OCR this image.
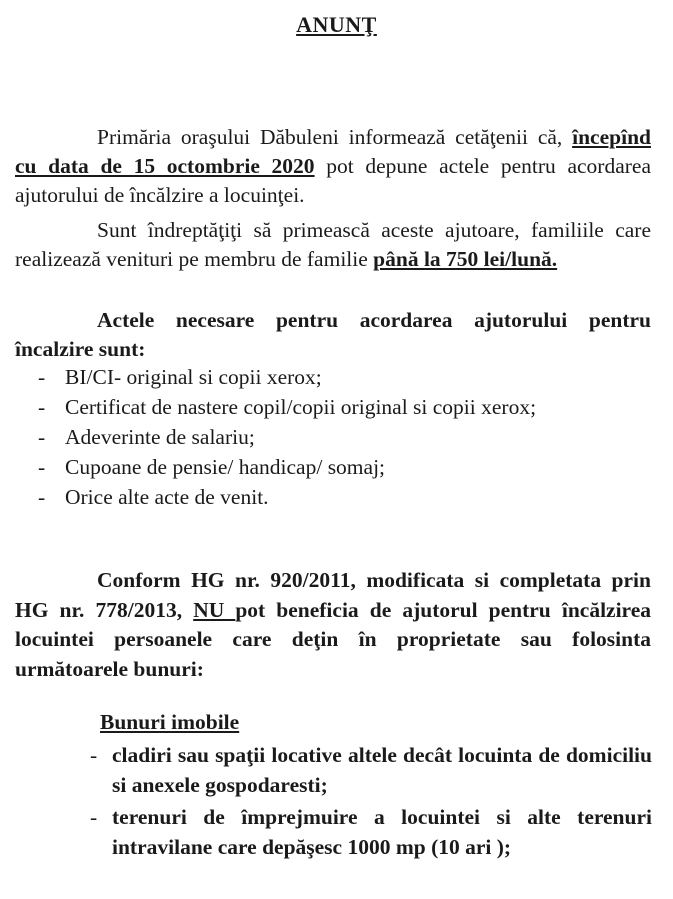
ANUNŢ
Primăria oraşului Dăbuleni informează cetăţenii că, începînd cu data de 15 octombrie 2020 pot depune actele pentru acordarea ajutorului de încălzire a locuinţei.
Sunt îndreptăţiţi să primească aceste ajutoare, familiile care realizează venituri pe membru de familie până la 750 lei/lună.
Actele necesare pentru acordarea ajutorului pentru încalzire sunt:
- BI/CI- original si copii xerox;
- Certificat de nastere copil/copii original si copii xerox;
- Adeverinte de salariu;
- Cupoane de pensie/ handicap/ somaj;
- Orice alte acte de venit.
Conform HG nr. 920/2011, modificata si completata prin HG nr. 778/2013, NU pot beneficia de ajutorul pentru încălzirea locuintei persoanele care deţin în proprietate sau folosinta următoarele bunuri:
Bunuri imobile
- cladiri sau spaţii locative altele decât locuinta de domiciliu si anexele gospodaresti;
- terenuri de împrejmuire a locuintei si alte terenuri intravilane care depăşesc 1000 mp (10 ari );
